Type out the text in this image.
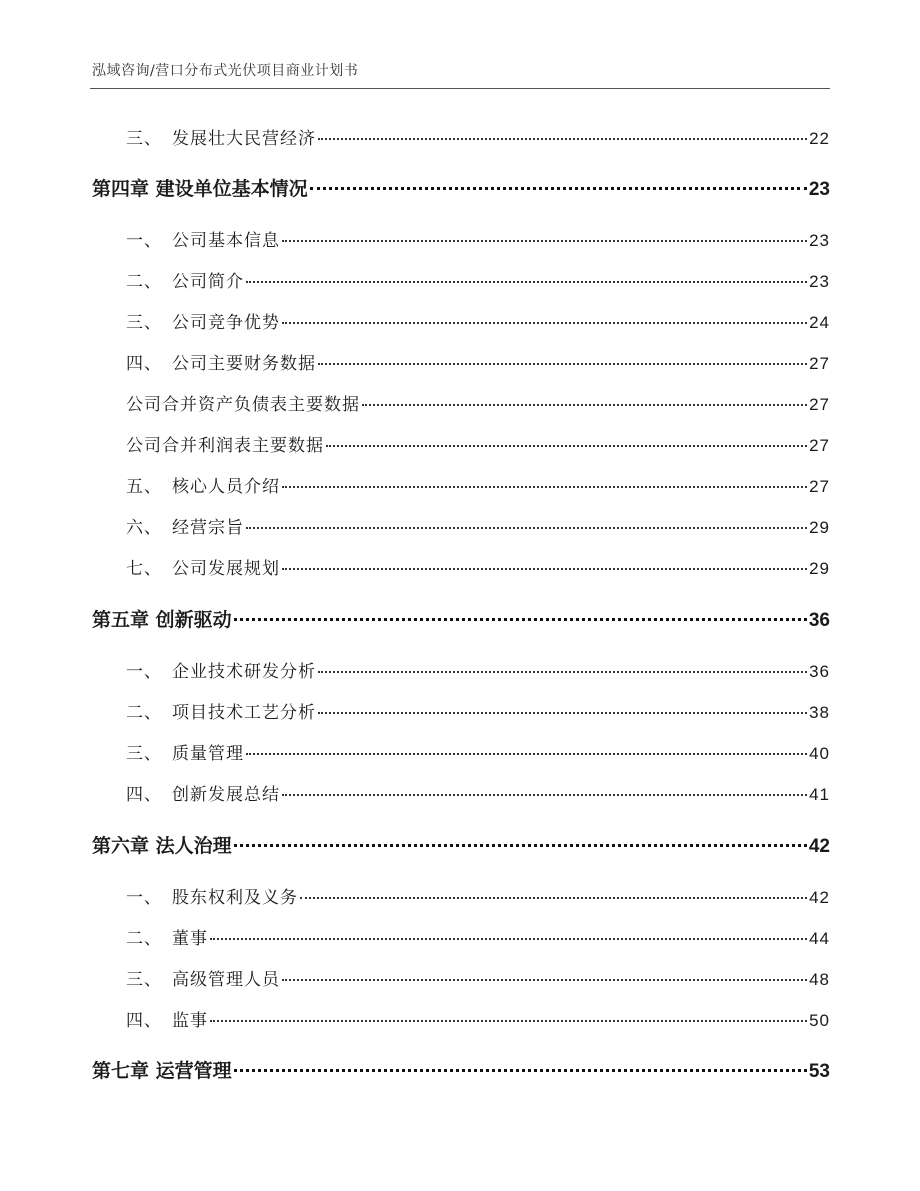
泓域咨询/营口分布式光伏项目商业计划书
三、 发展壮大民营经济	22
第四章 建设单位基本情况	23
一、 公司基本信息	23
二、 公司简介	23
三、 公司竞争优势	24
四、 公司主要财务数据	27
公司合并资产负债表主要数据	27
公司合并利润表主要数据	27
五、 核心人员介绍	27
六、 经营宗旨	29
七、 公司发展规划	29
第五章 创新驱动	36
一、 企业技术研发分析	36
二、 项目技术工艺分析	38
三、 质量管理	40
四、 创新发展总结	41
第六章 法人治理	42
一、 股东权利及义务	42
二、 董事	44
三、 高级管理人员	48
四、 监事	50
第七章 运营管理	53
